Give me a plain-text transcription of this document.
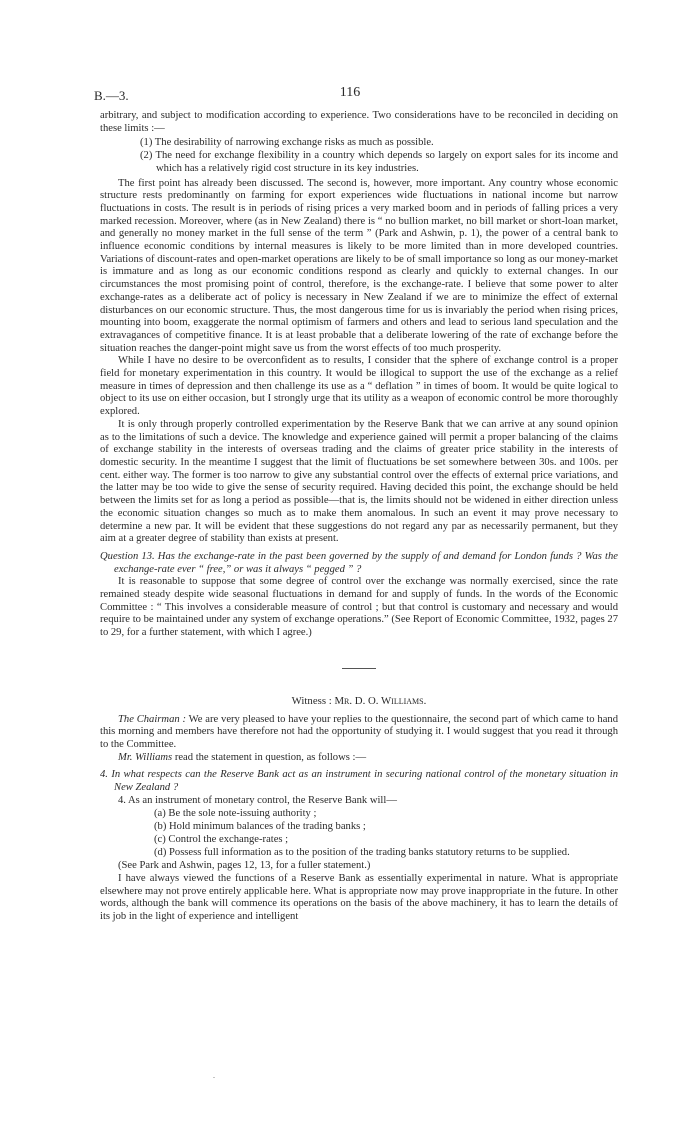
B.—3.	116

arbitrary, and subject to modification according to experience. Two considerations have to be reconciled in deciding on these limits :—

(1) The desirability of narrowing exchange risks as much as possible.
(2) The need for exchange flexibility in a country which depends so largely on export sales for its income and which has a relatively rigid cost structure in its key industries.

The first point has already been discussed. The second is, however, more important. Any country whose economic structure rests predominantly on farming for export experiences wide fluctuations in national income but narrow fluctuations in costs. The result is in periods of rising prices a very marked boom and in periods of falling prices a very marked recession. Moreover, where (as in New Zealand) there is “ no bullion market, no bill market or short-loan market, and generally no money market in the full sense of the term ” (Park and Ashwin, p. 1), the power of a central bank to influence economic conditions by internal measures is likely to be more limited than in more developed countries. Variations of discount-rates and open-market operations are likely to be of small importance so long as our money-market is immature and as long as our economic conditions respond as clearly and quickly to external changes. In our circumstances the most promising point of control, therefore, is the exchange-rate. I believe that some power to alter exchange-rates as a deliberate act of policy is necessary in New Zealand if we are to minimize the effect of external disturbances on our economic structure. Thus, the most dangerous time for us is invariably the period when rising prices, mounting into boom, exaggerate the normal optimism of farmers and others and lead to serious land speculation and the extravagances of competitive finance. It is at least probable that a deliberate lowering of the rate of exchange before the situation reaches the danger-point might save us from the worst effects of too much prosperity.

While I have no desire to be overconfident as to results, I consider that the sphere of exchange control is a proper field for monetary experimentation in this country. It would be illogical to support the use of the exchange as a relief measure in times of depression and then challenge its use as a “ deflation ” in times of boom. It would be quite logical to object to its use on either occasion, but I strongly urge that its utility as a weapon of economic control be more thoroughly explored.

It is only through properly controlled experimentation by the Reserve Bank that we can arrive at any sound opinion as to the limitations of such a device. The knowledge and experience gained will permit a proper balancing of the claims of exchange stability in the interests of overseas trading and the claims of greater price stability in the interests of domestic security. In the meantime I suggest that the limit of fluctuations be set somewhere between 30s. and 100s. per cent. either way. The former is too narrow to give any substantial control over the effects of external price variations, and the latter may be too wide to give the sense of security required. Having decided this point, the exchange should be held between the limits set for as long a period as possible—that is, the limits should not be widened in either direction unless the economic situation changes so much as to make them anomalous. In such an event it may prove necessary to determine a new par. It will be evident that these suggestions do not regard any par as necessarily permanent, but they aim at a greater degree of stability than exists at present.

Question 13. Has the exchange-rate in the past been governed by the supply of and demand for London funds ? Was the exchange-rate ever “ free,” or was it always “ pegged ” ?

It is reasonable to suppose that some degree of control over the exchange was normally exercised, since the rate remained steady despite wide seasonal fluctuations in demand for and supply of funds. In the words of the Economic Committee : “ This involves a considerable measure of control ; but that control is customary and necessary and would require to be maintained under any system of exchange operations.” (See Report of Economic Committee, 1932, pages 27 to 29, for a further statement, with which I agree.)

Witness : Mr. D. O. Williams.

The Chairman : We are very pleased to have your replies to the questionnaire, the second part of which came to hand this morning and members have therefore not had the opportunity of studying it. I would suggest that you read it through to the Committee.

Mr. Williams read the statement in question, as follows :—

4. In what respects can the Reserve Bank act as an instrument in securing national control of the monetary situation in New Zealand ?

4. As an instrument of monetary control, the Reserve Bank will—

(a) Be the sole note-issuing authority ;
(b) Hold minimum balances of the trading banks ;
(c) Control the exchange-rates ;
(d) Possess full information as to the position of the trading banks statutory returns to be supplied.

(See Park and Ashwin, pages 12, 13, for a fuller statement.)

I have always viewed the functions of a Reserve Bank as essentially experimental in nature. What is appropriate elsewhere may not prove entirely applicable here. What is appropriate now may prove inappropriate in the future. In other words, although the bank will commence its operations on the basis of the above machinery, it has to learn the details of its job in the light of experience and intelligent

.
